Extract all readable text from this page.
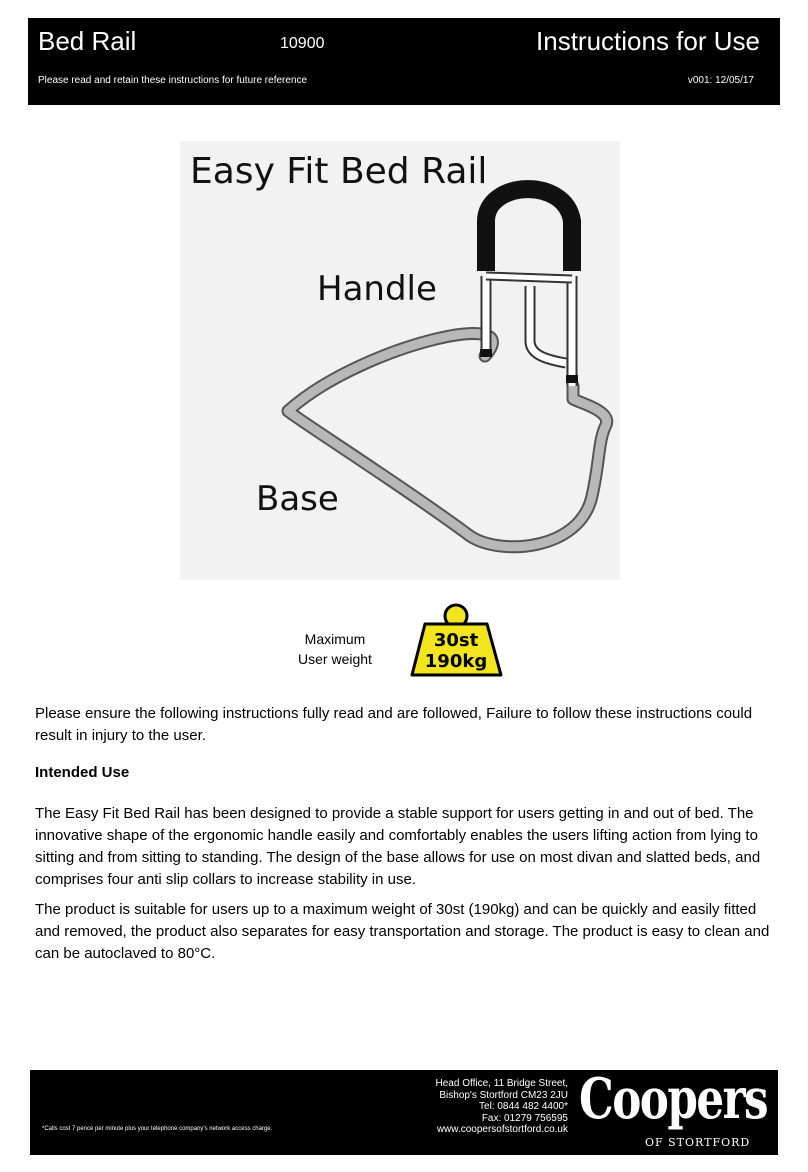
Bed Rail	10900	Instructions for Use
Please read and retain these instructions for future reference	v001: 12/05/17
Easy Fit Bed Rail
Handle
Base
Maximum
User weight
30st
190kg
Please ensure the following instructions fully read and are followed, Failure to follow these instructions could result in injury to the user.
Intended Use
The Easy Fit Bed Rail has been designed to provide a stable support for users getting in and out of bed. The innovative shape of the ergonomic handle easily and comfortably enables the users lifting action from lying to sitting and from sitting to standing. The design of the base allows for use on most divan and slatted beds, and comprises four anti slip collars to increase stability in use.
The product is suitable for users up to a maximum weight of 30st (190kg) and can be quickly and easily fitted and removed, the product also separates for easy transportation and storage. The product is easy to clean and can be autoclaved to 80°C.
*Calls cost 7 pence per minute plus your telephone company's network access charge.
Head Office, 11 Bridge Street,
Bishop's Stortford CM23 2JU
Tel: 0844 482 4400*
Fax: 01279 756595
www.coopersofstortford.co.uk Coopers
OF STORTFORD
